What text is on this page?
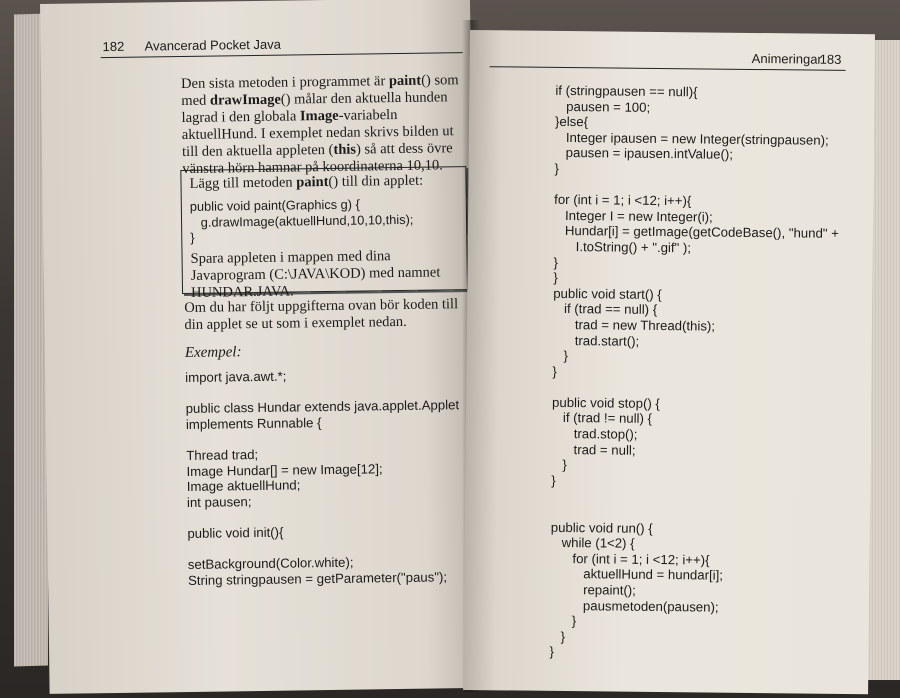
182 Avancerad Pocket Java
Den sista metoden i programmet är paint() som med drawImage() målar den aktuella hunden lagrad i den globala Image-variabeln aktuellHund. I exemplet nedan skrivs bilden ut till den aktuella appleten (this) så att dess övre vänstra hörn hamnar på koordinaterna 10,10.
Lägg till metoden paint() till din applet:
public void paint(Graphics g) {
g.drawImage(aktuellHund,10,10,this);
}
Spara appleten i mappen med dina Javaprogram (C:\JAVA\KOD) med namnet HUNDAR.JAVA.
Om du har följt uppgifterna ovan bör koden till din applet se ut som i exemplet nedan.
Exempel:
import java.awt.*;
public class Hundar extends java.applet.Applet
implements Runnable {
Thread trad;
Image Hundar[] = new Image[12];
Image aktuellHund;
int pausen;
public void init(){
setBackground(Color.white);
String stringpausen = getParameter("paus");
Animeringar
183
if (stringpausen == null){
pausen = 100;
}else{
Integer ipausen = new Integer(stringpausen);
pausen = ipausen.intValue();
}
for (int i = 1; i <12; i++){
Integer I = new Integer(i);
Hundar[i] = getImage(getCodeBase(), "hund" +
I.toString() + ".gif" );
}
}
public void start() {
if (trad == null) {
trad = new Thread(this);
trad.start();
}
}
public void stop() {
if (trad != null) {
trad.stop();
trad = null;
}
}
public void run() {
while (1<2) {
for (int i = 1; i <12; i++){
aktuellHund = hundar[i];
repaint();
pausmetoden(pausen);
}
}
}
